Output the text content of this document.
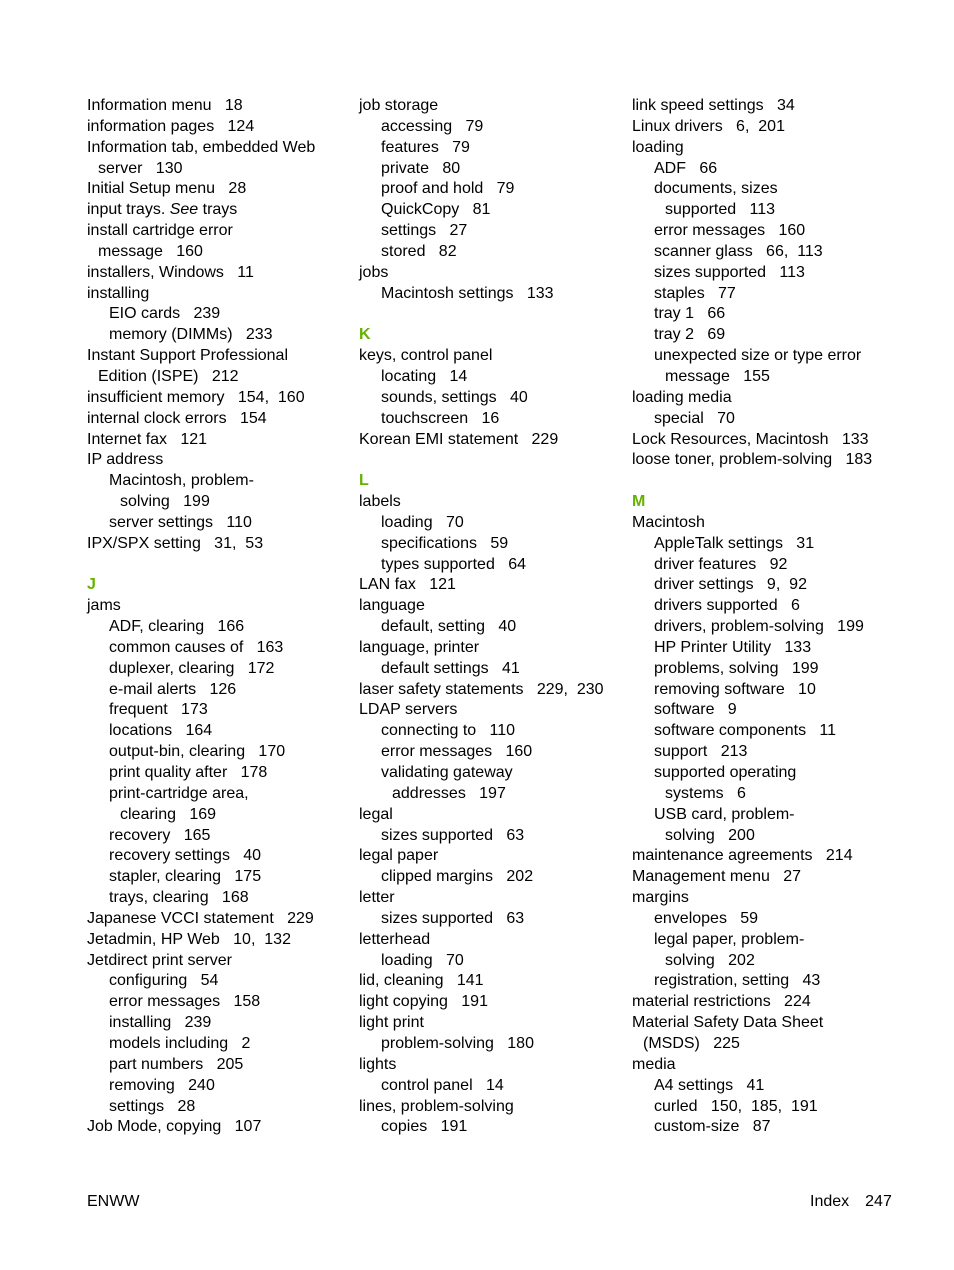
Information menu   18
information pages   124
Information tab, embedded Web
server   130
Initial Setup menu   28
input trays. See trays
install cartridge error
message   160
installers, Windows   11
installing
EIO cards   239
memory (DIMMs)   233
Instant Support Professional
Edition (ISPE)   212
insufficient memory   154,  160
internal clock errors   154
Internet fax   121
IP address
Macintosh, problem-
solving   199
server settings   110
IPX/SPX setting   31,  53
J
jams
ADF, clearing   166
common causes of   163
duplexer, clearing   172
e-mail alerts   126
frequent   173
locations   164
output-bin, clearing   170
print quality after   178
print-cartridge area,
clearing   169
recovery   165
recovery settings   40
stapler, clearing   175
trays, clearing   168
Japanese VCCI statement   229
Jetadmin, HP Web   10,  132
Jetdirect print server
configuring   54
error messages   158
installing   239
models including   2
part numbers   205
removing   240
settings   28
Job Mode, copying   107
job storage
accessing   79
features   79
private   80
proof and hold   79
QuickCopy   81
settings   27
stored   82
jobs
Macintosh settings   133
K
keys, control panel
locating   14
sounds, settings   40
touchscreen   16
Korean EMI statement   229
L
labels
loading   70
specifications   59
types supported   64
LAN fax   121
language
default, setting   40
language, printer
default settings   41
laser safety statements   229,  230
LDAP servers
connecting to   110
error messages   160
validating gateway
addresses   197
legal
sizes supported   63
legal paper
clipped margins   202
letter
sizes supported   63
letterhead
loading   70
lid, cleaning   141
light copying   191
light print
problem-solving   180
lights
control panel   14
lines, problem-solving
copies   191
link speed settings   34
Linux drivers   6,  201
loading
ADF   66
documents, sizes
supported   113
error messages   160
scanner glass   66,  113
sizes supported   113
staples   77
tray 1   66
tray 2   69
unexpected size or type error
message   155
loading media
special   70
Lock Resources, Macintosh   133
loose toner, problem-solving   183
M
Macintosh
AppleTalk settings   31
driver features   92
driver settings   9,  92
drivers supported   6
drivers, problem-solving   199
HP Printer Utility   133
problems, solving   199
removing software   10
software   9
software components   11
support   213
supported operating
systems   6
USB card, problem-
solving   200
maintenance agreements   214
Management menu   27
margins
envelopes   59
legal paper, problem-
solving   202
registration, setting   43
material restrictions   224
Material Safety Data Sheet
(MSDS)   225
media
A4 settings   41
curled   150,  185,  191
custom-size   87
ENWW	Index 247
